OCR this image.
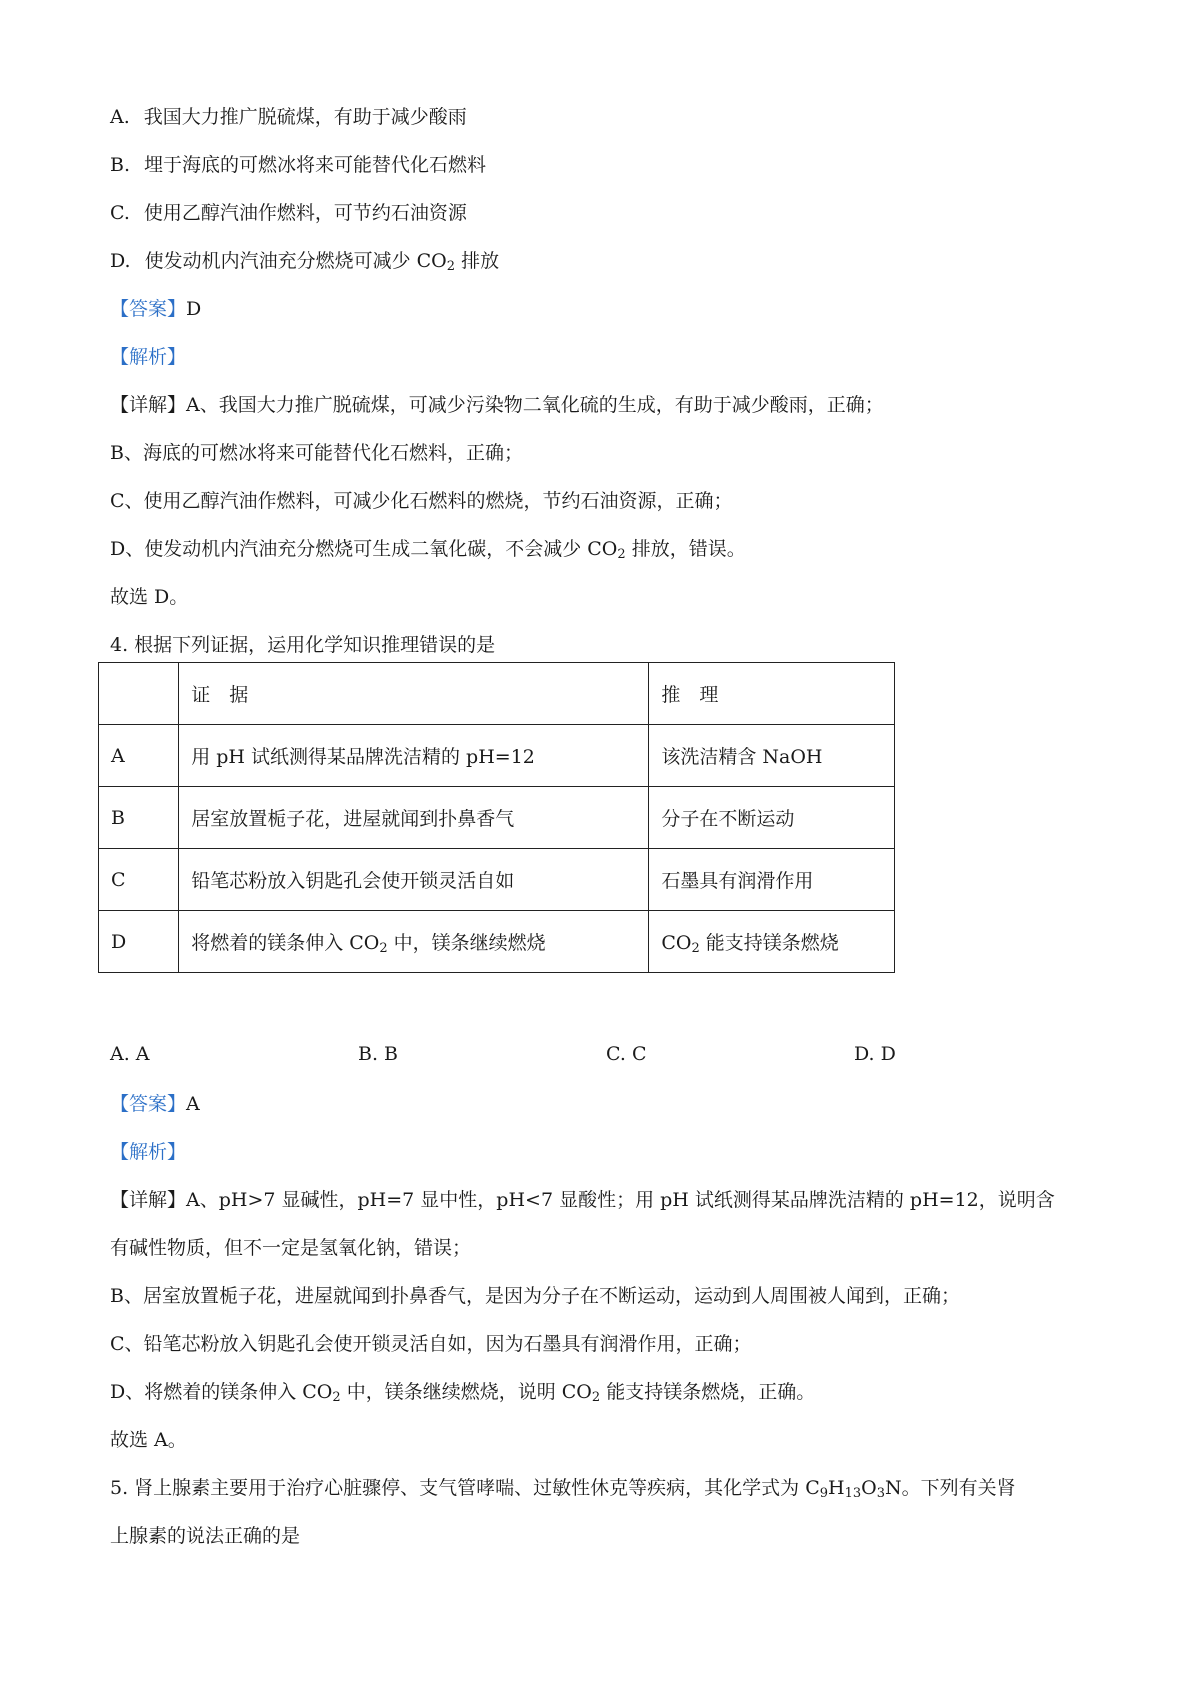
A. 我国大力推广脱硫煤，有助于减少酸雨
B. 埋于海底的可燃冰将来可能替代化石燃料
C. 使用乙醇汽油作燃料，可节约石油资源
D. 使发动机内汽油充分燃烧可减少 $CO_2$ 排放
【答案】D
【解析】
【详解】A、我国大力推广脱硫煤，可减少污染物二氧化硫的生成，有助于减少酸雨，正确；
B、海底的可燃冰将来可能替代化石燃料，正确；
C、使用乙醇汽油作燃料，可减少化石燃料的燃烧，节约石油资源，正确；
D、使发动机内汽油充分燃烧可生成二氧化碳，不会减少 $CO_2$ 排放，错误。
故选 D。
4. 根据下列证据，运用化学知识推理错误的是
	证　据	推　理
A	用 pH 试纸测得某品牌洗洁精的 pH=12	该洗洁精含 NaOH
B	居室放置栀子花，进屋就闻到扑鼻香气	分子在不断运动
C	铅笔芯粉放入钥匙孔会使开锁灵活自如	石墨具有润滑作用
D	将燃着的镁条伸入 $CO_2$ 中，镁条继续燃烧	$CO_2$ 能支持镁条燃烧
A. A	B. B	C. C	D. D
【答案】A
【解析】
【详解】A、pH>7 显碱性，pH=7 显中性，pH<7 显酸性；用 pH 试纸测得某品牌洗洁精的 pH=12，说明含
有碱性物质，但不一定是氢氧化钠，错误；
B、居室放置栀子花，进屋就闻到扑鼻香气，是因为分子在不断运动，运动到人周围被人闻到，正确；
C、铅笔芯粉放入钥匙孔会使开锁灵活自如，因为石墨具有润滑作用，正确；
D、将燃着的镁条伸入 $CO_2$ 中，镁条继续燃烧，说明 $CO_2$ 能支持镁条燃烧，正确。
故选 A。
5. 肾上腺素主要用于治疗心脏骤停、支气管哮喘、过敏性休克等疾病，其化学式为 $C_9H_{13}O_3N$。下列有关肾
上腺素的说法正确的是
